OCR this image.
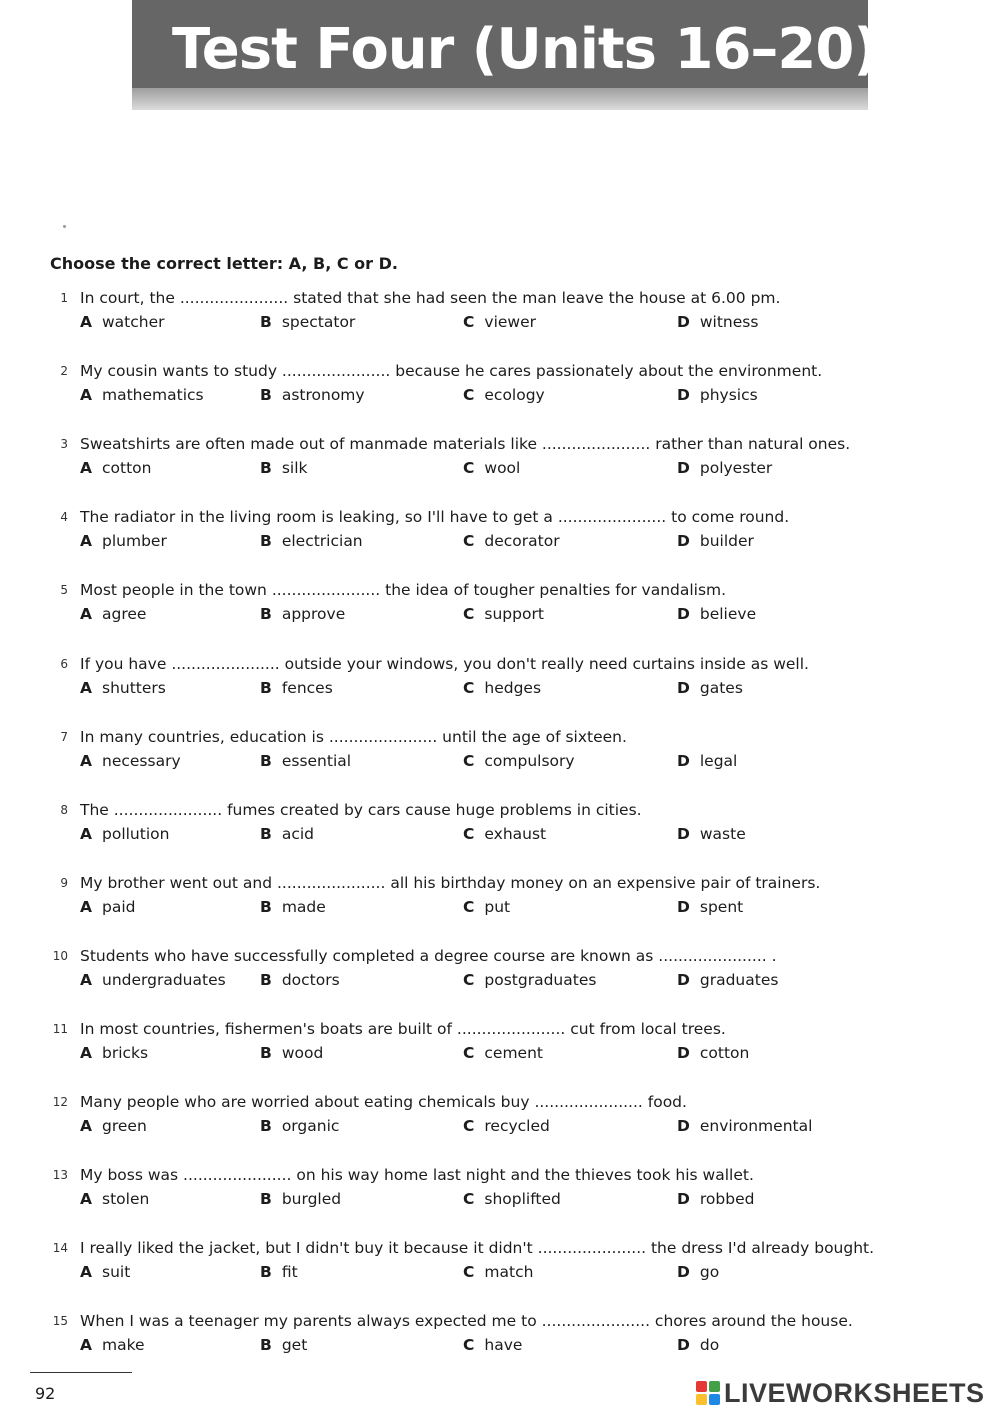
Test Four (Units 16–20)
Choose the correct letter: A, B, C or D.
1 In court, the ...................... stated that she had seen the man leave the house at 6.00 pm.
A watcher	B spectator	C viewer	D witness
2 My cousin wants to study ...................... because he cares passionately about the environment.
A mathematics	B astronomy	C ecology	D physics
3 Sweatshirts are often made out of manmade materials like ...................... rather than natural ones.
A cotton	B silk	C wool	D polyester
4 The radiator in the living room is leaking, so I'll have to get a ...................... to come round.
A plumber	B electrician	C decorator	D builder
5 Most people in the town ...................... the idea of tougher penalties for vandalism.
A agree	B approve	C support	D believe
6 If you have ...................... outside your windows, you don't really need curtains inside as well.
A shutters	B fences	C hedges	D gates
7 In many countries, education is ...................... until the age of sixteen.
A necessary	B essential	C compulsory	D legal
8 The ...................... fumes created by cars cause huge problems in cities.
A pollution	B acid	C exhaust	D waste
9 My brother went out and ...................... all his birthday money on an expensive pair of trainers.
A paid	B made	C put	D spent
10 Students who have successfully completed a degree course are known as ...................... .
A undergraduates B doctors	C postgraduates	D graduates
11 In most countries, fishermen's boats are built of ...................... cut from local trees.
A bricks	B wood	C cement	D cotton
12 Many people who are worried about eating chemicals buy ...................... food.
A green	B organic	C recycled	D environmental
13 My boss was ...................... on his way home last night and the thieves took his wallet.
A stolen	B burgled	C shoplifted	D robbed
14 I really liked the jacket, but I didn't buy it because it didn't ...................... the dress I'd already bought.
A suit	B fit	C match	D go
15 When I was a teenager my parents always expected me to ...................... chores around the house.
A make	B get	C have	D do
92	LIVEWORKSHEETS
